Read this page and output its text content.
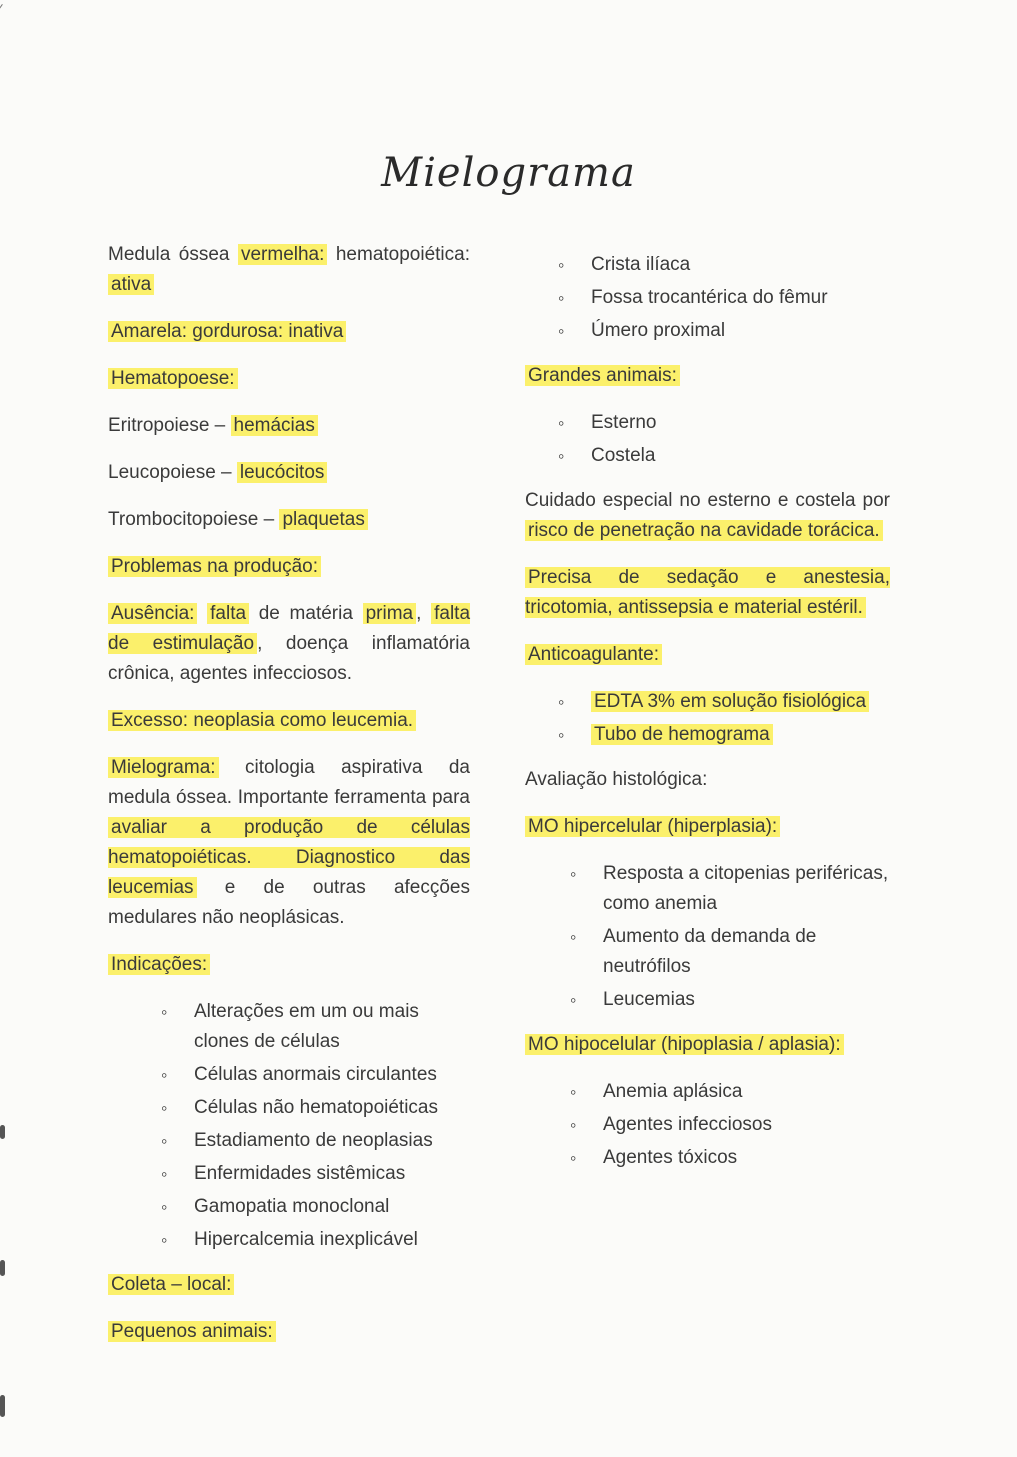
Mielograma

Medula óssea vermelha: hematopoiética: ativa

Amarela: gordurosa: inativa

Hematopoese:

Eritropoiese – hemácias

Leucopoiese – leucócitos

Trombocitopoiese – plaquetas

Problemas na produção:

Ausência: falta de matéria prima , falta de estimulação , doença inflamatória crônica, agentes infecciosos.

Excesso: neoplasia como leucemia.

Mielograma: citologia aspirativa da medula óssea. Importante ferramenta para avaliar a produção de células hematopoiéticas. Diagnostico das leucemias e de outras afecções medulares não neoplásicas.

Indicações:

◦ Alterações em um ou mais clones de células
◦ Células anormais circulantes
◦ Células não hematopoiéticas
◦ Estadiamento de neoplasias
◦ Enfermidades sistêmicas
◦ Gamopatia monoclonal
◦ Hipercalcemia inexplicável

Coleta – local:

Pequenos animais:

◦ Crista ilíaca
◦ Fossa trocantérica do fêmur
◦ Úmero proximal

Grandes animais:

◦ Esterno
◦ Costela

Cuidado especial no esterno e costela por risco de penetração na cavidade torácica.

Precisa de sedação e anestesia, tricotomia, antissepsia e material estéril.

Anticoagulante:

◦ EDTA 3% em solução fisiológica
◦ Tubo de hemograma

Avaliação histológica:

MO hipercelular (hiperplasia):

◦ Resposta a citopenias periféricas, como anemia
◦ Aumento da demanda de neutrófilos
◦ Leucemias

MO hipocelular (hipoplasia / aplasia):

◦ Anemia aplásica
◦ Agentes infecciosos
◦ Agentes tóxicos
